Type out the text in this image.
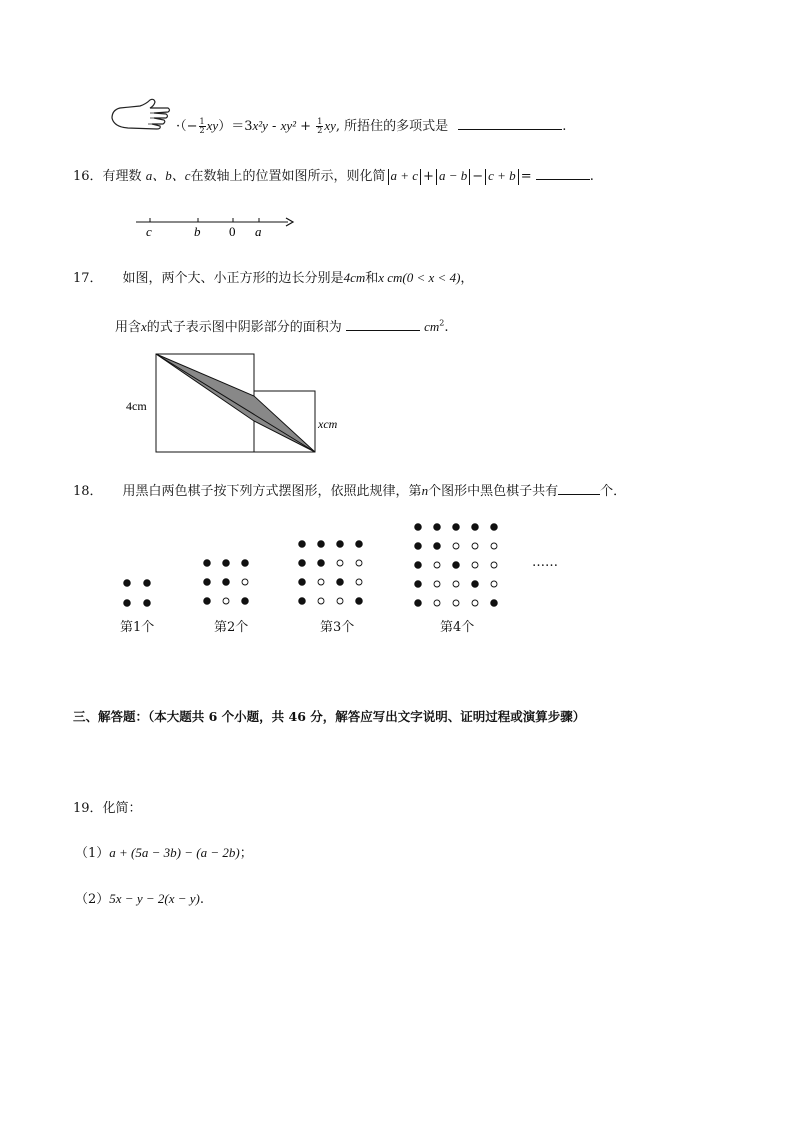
·（− $\frac{1}{2} xy)=3x^2y - xy^2 + \frac{1}{2}$ xy, 所捂住的多项式是	.
16．有理数 a、b、c在数轴上的位置如图所示，则化简 a + c + a − b − c + b =	.
c	b 0 a
17． 如图，两个大、小正方形的边长分别是4cm和x cm(0 < x < 4)，
用含x的式子表示图中阴影部分的面积为	$cm^2$.
4cm
xcm
18． 用黑白两色棋子按下列方式摆图形，依照此规律，第n个图形中黑色棋子共有	个．
第1个	第2个	第3个	第4个
……
三、解答题：（本大题共 6 个小题，共 46 分，解答应写出文字说明、证明过程或演算步骤）
19．化简：
（1）a + (5a − 3b) − (a − 2b)；
（2）5x − y − 2(x − y).
